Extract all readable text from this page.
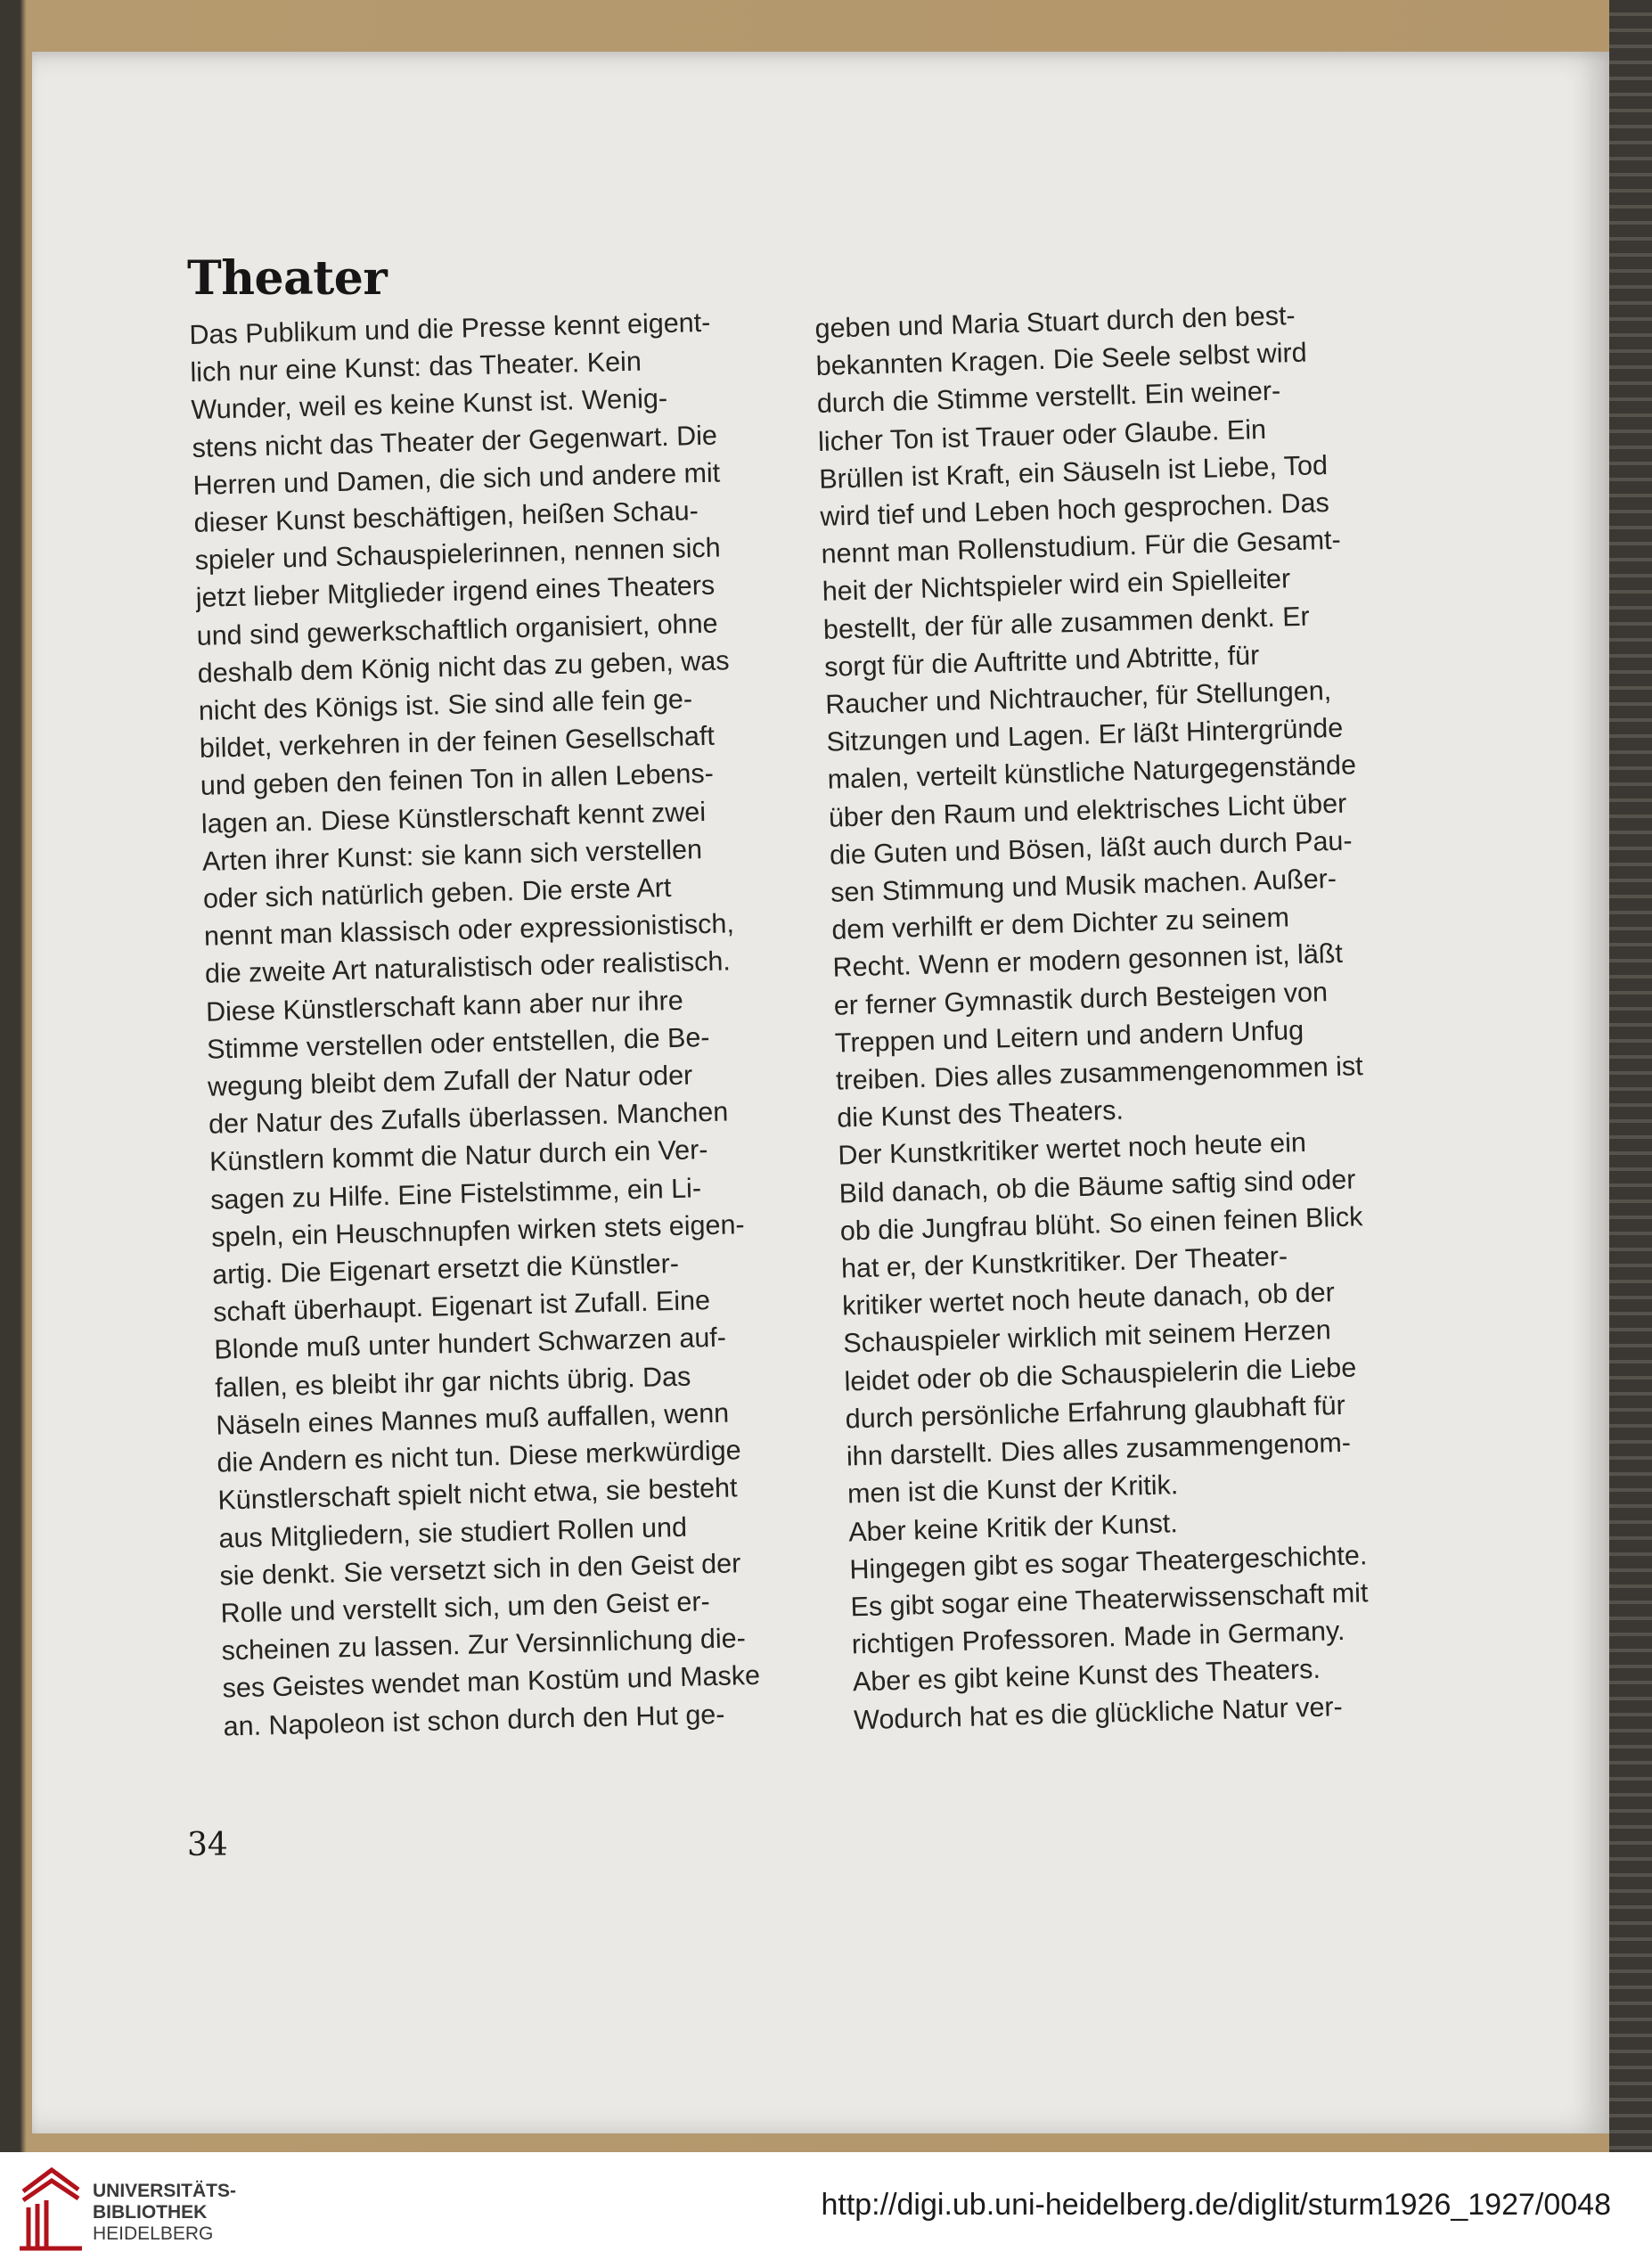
Theater
Das Publikum und die Presse kennt eigent-
lich nur eine Kunst: das Theater. Kein
Wunder, weil es keine Kunst ist. Wenig-
stens nicht das Theater der Gegenwart. Die
Herren und Damen, die sich und andere mit
dieser Kunst beschäftigen, heißen Schau-
spieler und Schauspielerinnen, nennen sich
jetzt lieber Mitglieder irgend eines Theaters
und sind gewerkschaftlich organisiert, ohne
deshalb dem König nicht das zu geben, was
nicht des Königs ist. Sie sind alle fein ge-
bildet, verkehren in der feinen Gesellschaft
und geben den feinen Ton in allen Lebens-
lagen an. Diese Künstlerschaft kennt zwei
Arten ihrer Kunst: sie kann sich verstellen
oder sich natürlich geben. Die erste Art
nennt man klassisch oder expressionistisch,
die zweite Art naturalistisch oder realistisch.
Diese Künstlerschaft kann aber nur ihre
Stimme verstellen oder entstellen, die Be-
wegung bleibt dem Zufall der Natur oder
der Natur des Zufalls überlassen. Manchen
Künstlern kommt die Natur durch ein Ver-
sagen zu Hilfe. Eine Fistelstimme, ein Li-
speln, ein Heuschnupfen wirken stets eigen-
artig. Die Eigenart ersetzt die Künstler-
schaft überhaupt. Eigenart ist Zufall. Eine
Blonde muß unter hundert Schwarzen auf-
fallen, es bleibt ihr gar nichts übrig. Das
Näseln eines Mannes muß auffallen, wenn
die Andern es nicht tun. Diese merkwürdige
Künstlerschaft spielt nicht etwa, sie besteht
aus Mitgliedern, sie studiert Rollen und
sie denkt. Sie versetzt sich in den Geist der
Rolle und verstellt sich, um den Geist er-
scheinen zu lassen. Zur Versinnlichung die-
ses Geistes wendet man Kostüm und Maske
an. Napoleon ist schon durch den Hut ge-
geben und Maria Stuart durch den best-
bekannten Kragen. Die Seele selbst wird
durch die Stimme verstellt. Ein weiner-
licher Ton ist Trauer oder Glaube. Ein
Brüllen ist Kraft, ein Säuseln ist Liebe, Tod
wird tief und Leben hoch gesprochen. Das
nennt man Rollenstudium. Für die Gesamt-
heit der Nichtspieler wird ein Spielleiter
bestellt, der für alle zusammen denkt. Er
sorgt für die Auftritte und Abtritte, für
Raucher und Nichtraucher, für Stellungen,
Sitzungen und Lagen. Er läßt Hintergründe
malen, verteilt künstliche Naturgegenstände
über den Raum und elektrisches Licht über
die Guten und Bösen, läßt auch durch Pau-
sen Stimmung und Musik machen. Außer-
dem verhilft er dem Dichter zu seinem
Recht. Wenn er modern gesonnen ist, läßt
er ferner Gymnastik durch Besteigen von
Treppen und Leitern und andern Unfug
treiben. Dies alles zusammengenommen ist
die Kunst des Theaters.
Der Kunstkritiker wertet noch heute ein
Bild danach, ob die Bäume saftig sind oder
ob die Jungfrau blüht. So einen feinen Blick
hat er, der Kunstkritiker. Der Theater-
kritiker wertet noch heute danach, ob der
Schauspieler wirklich mit seinem Herzen
leidet oder ob die Schauspielerin die Liebe
durch persönliche Erfahrung glaubhaft für
ihn darstellt. Dies alles zusammengenom-
men ist die Kunst der Kritik.
Aber keine Kritik der Kunst.
Hingegen gibt es sogar Theatergeschichte.
Es gibt sogar eine Theaterwissenschaft mit
richtigen Professoren. Made in Germany.
Aber es gibt keine Kunst des Theaters.
Wodurch hat es die glückliche Natur ver-
34
UNIVERSITÄTS-
BIBLIOTHEK
HEIDELBERG
http://digi.ub.uni-heidelberg.de/diglit/sturm1926_1927/0048
